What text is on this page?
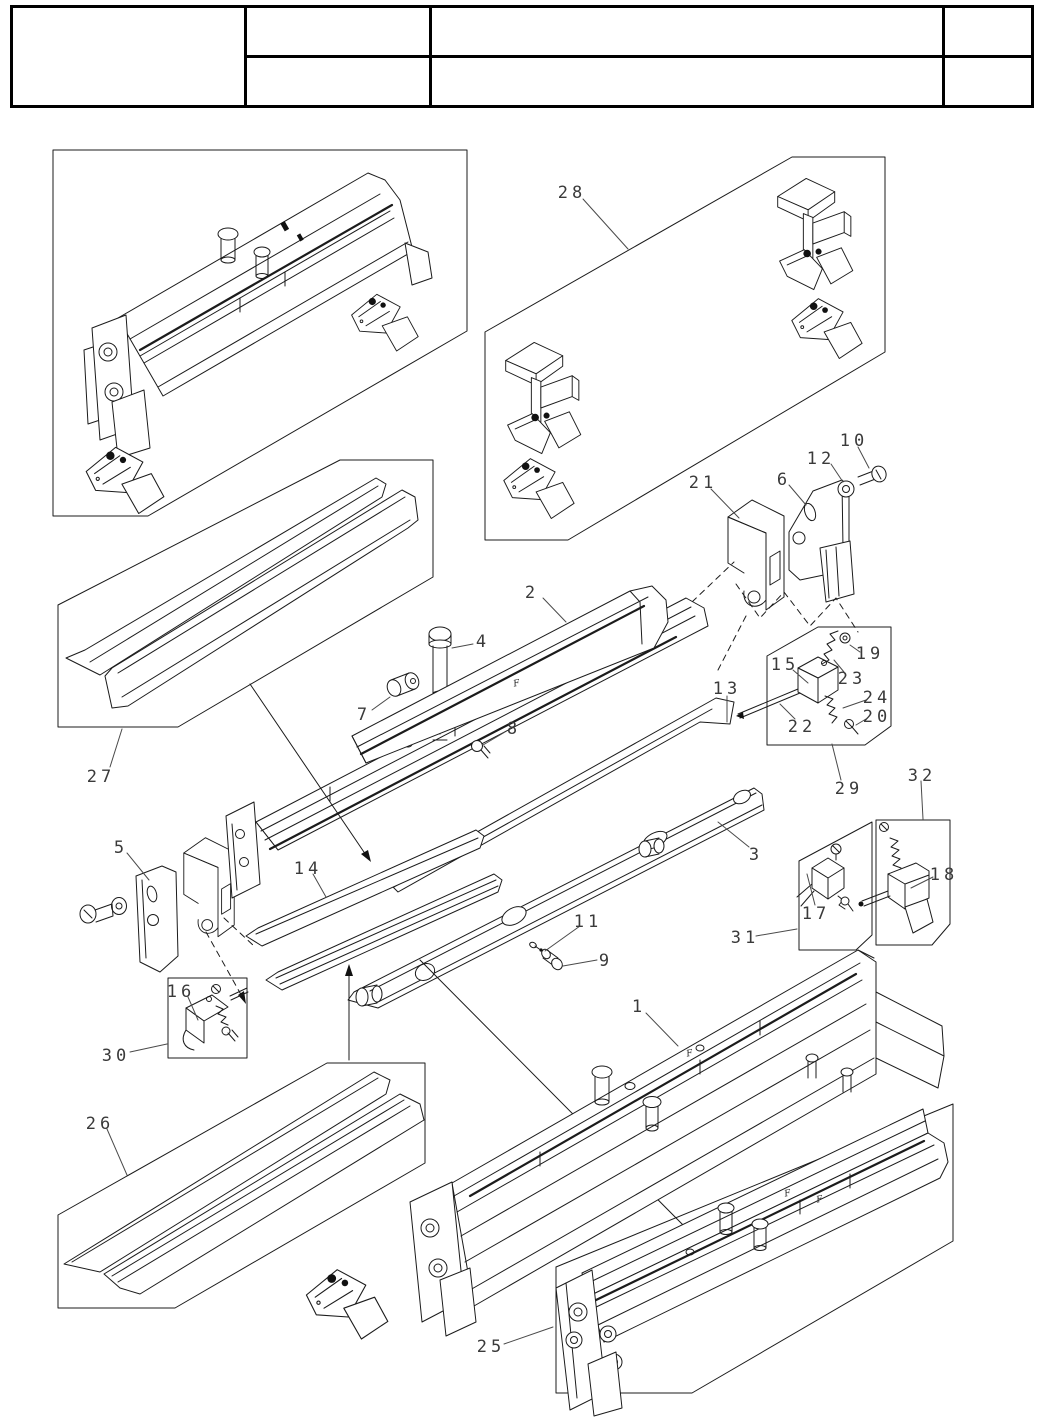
1
2
3
4
5
6
7
8
9
10
11
12
13
14
15
16
17
18
19
20
21
22
23
24
25
26
27
28
29
30
31
32
F
F
F
F
